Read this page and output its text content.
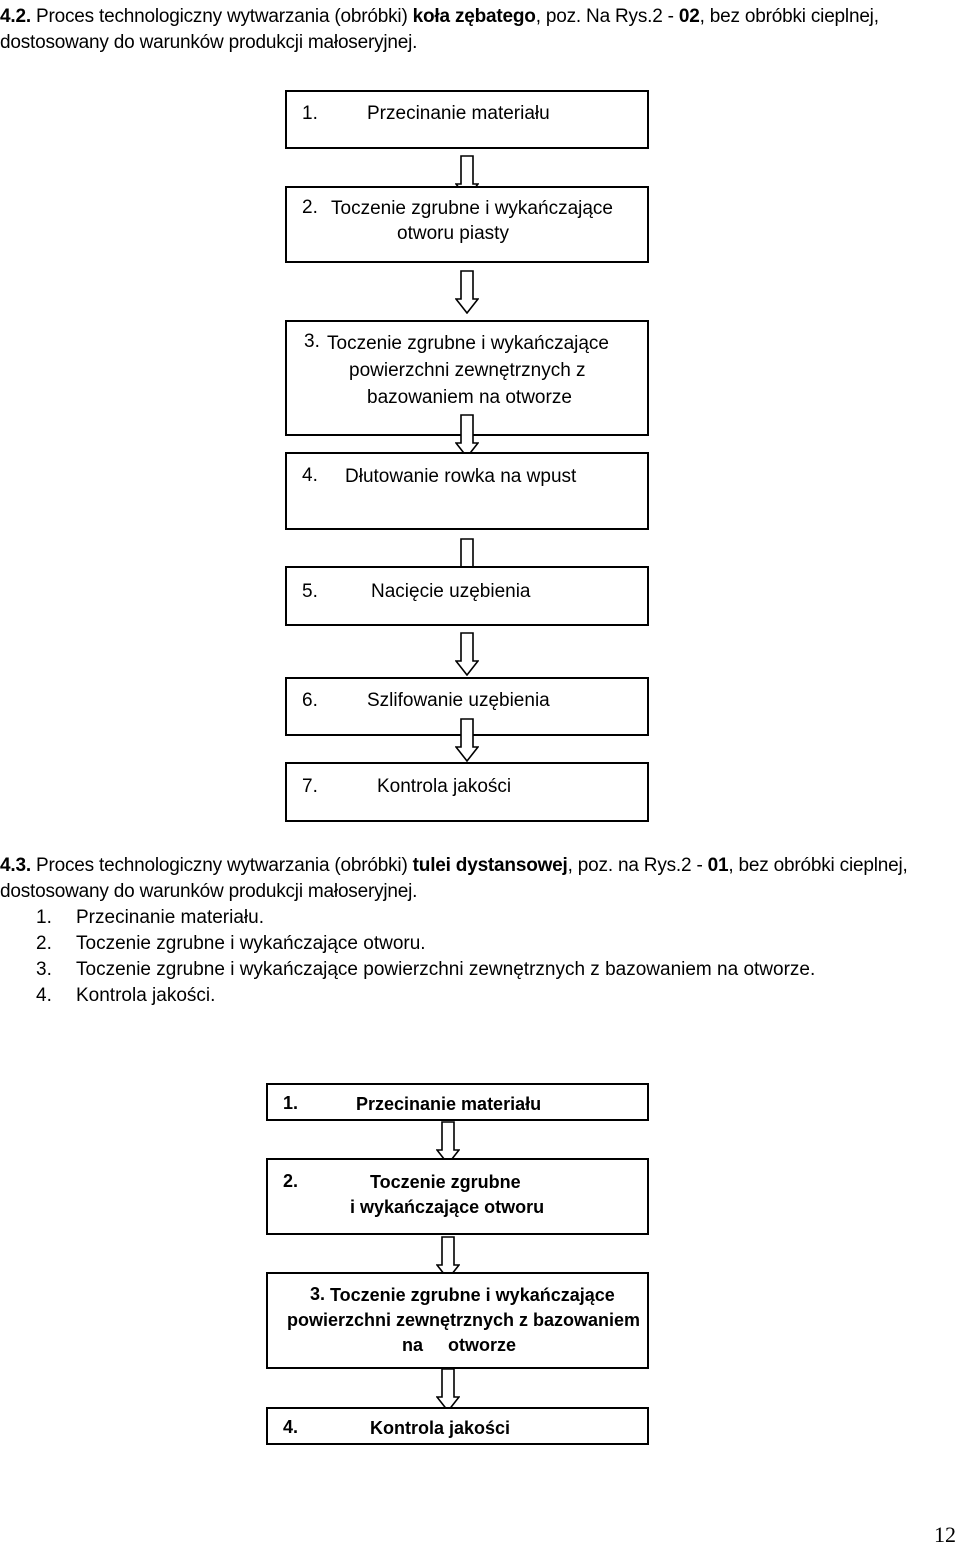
4.2. Proces technologiczny wytwarzania (obróbki) koła zębatego, poz. Na Rys.2 - 02, bez obróbki cieplnej,
dostosowany do warunków produkcji małoseryjnej.
1.	Przecinanie materiału
2. Toczenie zgrubne i wykańczające
otworu piasty
3. Toczenie zgrubne i wykańczające
powierzchni zewnętrznych z
bazowaniem na otworze
4. Dłutowanie rowka na wpust
5.	Nacięcie uzębienia
6.	Szlifowanie uzębienia
7.	Kontrola jakości
4.3. Proces technologiczny wytwarzania (obróbki) tulei dystansowej, poz. na Rys.2 - 01, bez obróbki cieplnej,
dostosowany do warunków produkcji małoseryjnej.
1. Przecinanie materiału.
2. Toczenie zgrubne i wykańczające otworu.
3. Toczenie zgrubne i wykańczające powierzchni zewnętrznych z bazowaniem na otworze.
4. Kontrola jakości.
1.	Przecinanie materiału
2.	Toczenie zgrubne
i wykańczające otworu
3. Toczenie zgrubne i wykańczające
powierzchni zewnętrznych z bazowaniem
na     otworze
4.	Kontrola jakości
12
